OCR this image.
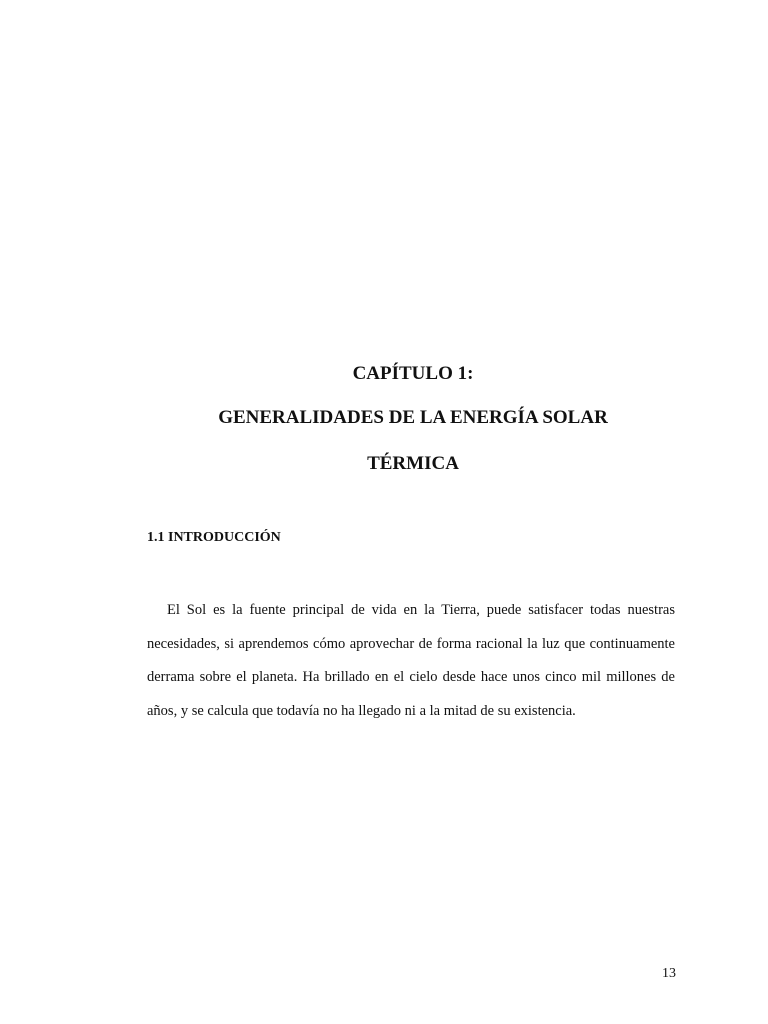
CAPÍTULO 1:
GENERALIDADES DE LA ENERGÍA SOLAR
TÉRMICA
1.1 INTRODUCCIÓN

El Sol es la fuente principal de vida en la Tierra, puede satisfacer todas nuestras necesidades, si aprendemos cómo aprovechar de forma racional la luz que continuamente derrama sobre el planeta. Ha brillado en el cielo desde hace unos cinco mil millones de años, y se calcula que todavía no ha llegado ni a la mitad de su existencia.

13
